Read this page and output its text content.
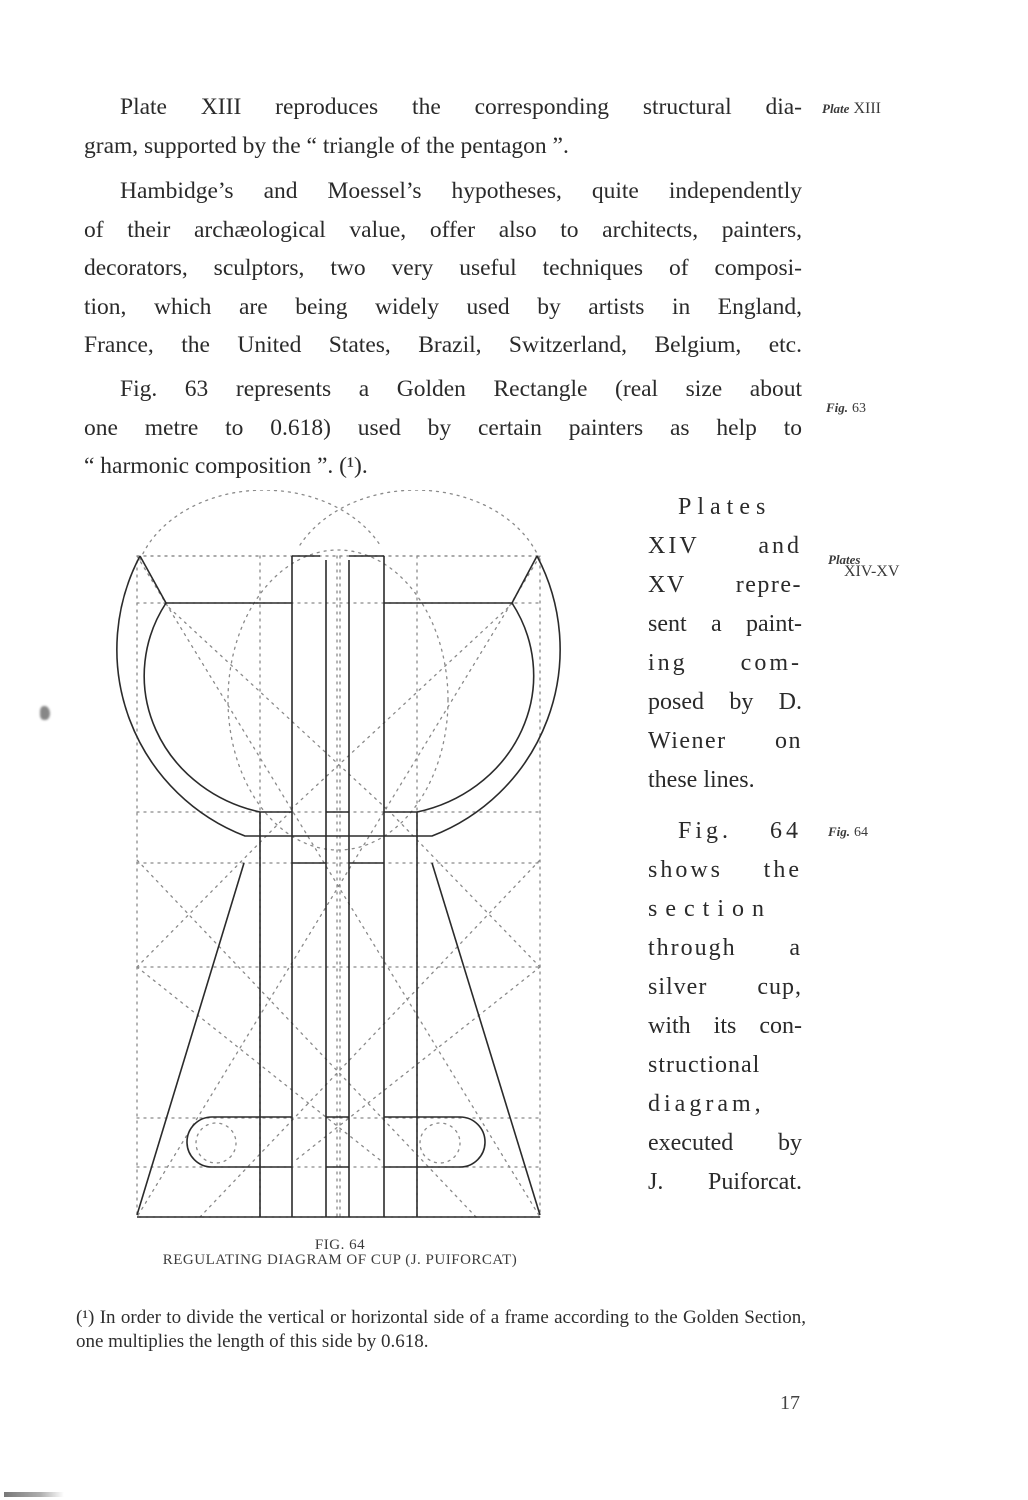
Plate XIII reproduces the corresponding structural dia-

gram, supported by the “ triangle of the pentagon ”.

Hambidge’s and Moessel’s hypotheses, quite independently

of their archæological value, offer also to architects, painters,

decorators, sculptors, two very useful techniques of composi-

tion, which are being widely used by artists in England,

France, the United States, Brazil, Switzerland, Belgium, etc.

Fig. 63 represents a Golden Rectangle (real size about

one metre to 0.618) used by certain painters as help to

“ harmonic composition ”. (¹).

Plate XIII
Fig. 63
Plates
XIV-XV
Fig. 64
Plates
XIV and
XV repre-
sent a paint-
ing com-
posed by D.
Wiener on
these lines.
Fig. 64
shows the
section
through a
silver cup,
with its con-
structional
diagram,
executed by
J. Puiforcat.
FIG. 64
REGULATING DIAGRAM OF CUP (J. PUIFORCAT)
(¹) In order to divide the vertical or horizontal side of a frame according to the Golden Section, one multiplies the length of this side by 0.618.
17
